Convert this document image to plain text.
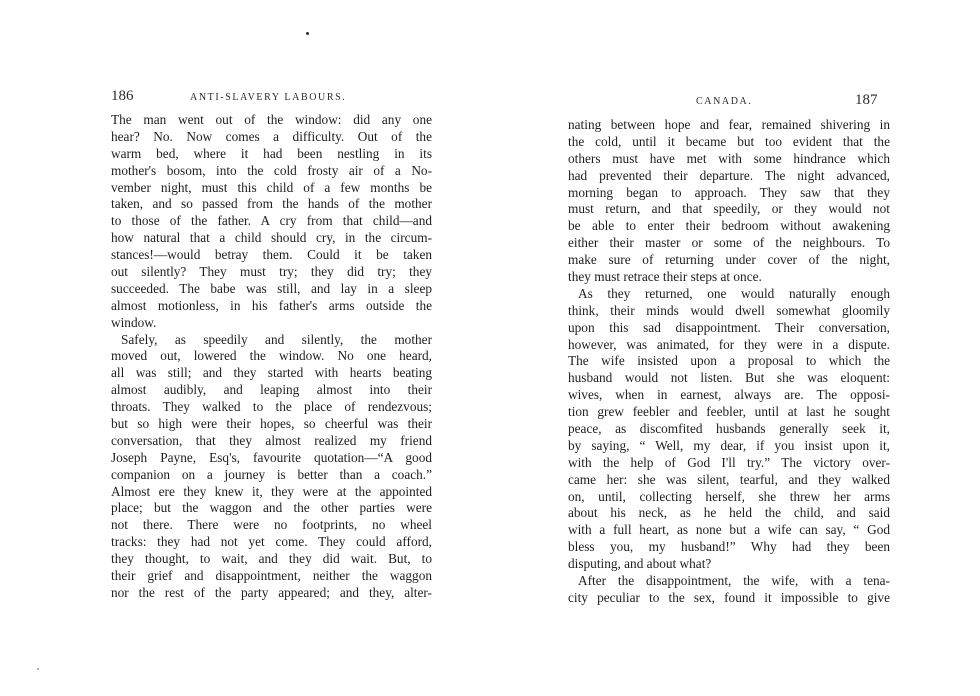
186	ANTI-SLAVERY LABOURS.
The man went out of the window: did any one
hear? No. Now comes a difficulty. Out of the
warm bed, where it had been nestling in its
mother's bosom, into the cold frosty air of a No-
vember night, must this child of a few months be
taken, and so passed from the hands of the mother
to those of the father. A cry from that child—and
how natural that a child should cry, in the circum-
stances!—would betray them. Could it be taken
out silently? They must try; they did try; they
succeeded. The babe was still, and lay in a sleep
almost motionless, in his father's arms outside the
window.
Safely, as speedily and silently, the mother
moved out, lowered the window. No one heard,
all was still; and they started with hearts beating
almost audibly, and leaping almost into their
throats. They walked to the place of rendezvous;
but so high were their hopes, so cheerful was their
conversation, that they almost realized my friend
Joseph Payne, Esq's, favourite quotation—“A good
companion on a journey is better than a coach.”
Almost ere they knew it, they were at the appointed
place; but the waggon and the other parties were
not there. There were no footprints, no wheel
tracks: they had not yet come. They could afford,
they thought, to wait, and they did wait. But, to
their grief and disappointment, neither the waggon
nor the rest of the party appeared; and they, alter-
CANADA.	187
nating between hope and fear, remained shivering in
the cold, until it became but too evident that the
others must have met with some hindrance which
had prevented their departure. The night advanced,
morning began to approach. They saw that they
must return, and that speedily, or they would not
be able to enter their bedroom without awakening
either their master or some of the neighbours. To
make sure of returning under cover of the night,
they must retrace their steps at once.
As they returned, one would naturally enough
think, their minds would dwell somewhat gloomily
upon this sad disappointment. Their conversation,
however, was animated, for they were in a dispute.
The wife insisted upon a proposal to which the
husband would not listen. But she was eloquent:
wives, when in earnest, always are. The opposi-
tion grew feebler and feebler, until at last he sought
peace, as discomfited husbands generally seek it,
by saying, “ Well, my dear, if you insist upon it,
with the help of God I'll try.” The victory over-
came her: she was silent, tearful, and they walked
on, until, collecting herself, she threw her arms
about his neck, as he held the child, and said
with a full heart, as none but a wife can say, “ God
bless you, my husband!” Why had they been
disputing, and about what?
After the disappointment, the wife, with a tena-
city peculiar to the sex, found it impossible to give
